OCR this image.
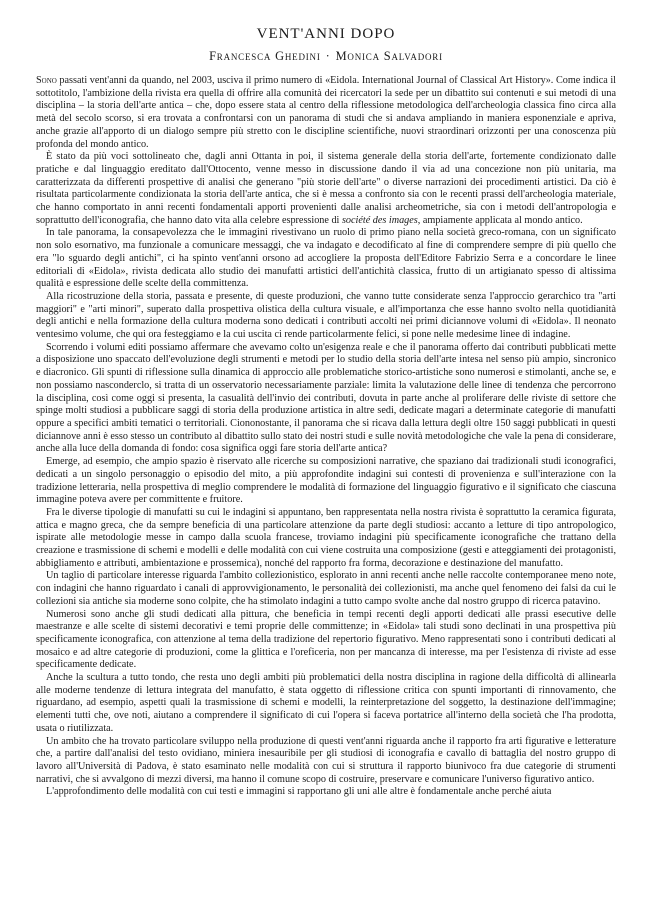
VENT'ANNI DOPO
Francesca Ghedini · Monica Salvadori

Sono passati vent'anni da quando, nel 2003, usciva il primo numero di «Eidola. International Journal of Classical Art History». Come indica il sottotitolo, l'ambizione della rivista era quella di offrire alla comunità dei ricercatori la sede per un dibattito sui contenuti e sui metodi di una disciplina – la storia dell'arte antica – che, dopo essere stata al centro della riflessione metodologica dell'archeologia classica fino circa alla metà del secolo scorso, si era trovata a confrontarsi con un panorama di studi che si andava ampliando in maniera esponenziale e apriva, anche grazie all'apporto di un dialogo sempre più stretto con le discipline scientifiche, nuovi straordinari orizzonti per una conoscenza più profonda del mondo antico.

È stato da più voci sottolineato che, dagli anni Ottanta in poi, il sistema generale della storia dell'arte, fortemente condizionato dalle pratiche e dal linguaggio ereditato dall'Ottocento, venne messo in discussione dando il via ad una concezione non più unitaria, ma caratterizzata da differenti prospettive di analisi che generano "più storie dell'arte" o diverse narrazioni dei procedimenti artistici. Da ciò è risultata particolarmente condizionata la storia dell'arte antica, che si è messa a confronto sia con le recenti prassi dell'archeologia materiale, che hanno comportato in anni recenti fondamentali apporti provenienti dalle analisi archeometriche, sia con i metodi dell'antropologia e soprattutto dell'iconografia, che hanno dato vita alla celebre espressione di société des images, ampiamente applicata al mondo antico.

In tale panorama, la consapevolezza che le immagini rivestivano un ruolo di primo piano nella società greco-romana, con un significato non solo esornativo, ma funzionale a comunicare messaggi, che va indagato e decodificato al fine di comprendere sempre di più quello che era "lo sguardo degli antichi", ci ha spinto vent'anni orsono ad accogliere la proposta dell'Editore Fabrizio Serra e a concordare le linee editoriali di «Eidola», rivista dedicata allo studio dei manufatti artistici dell'antichità classica, frutto di un artigianato spesso di altissima qualità e espressione delle scelte della committenza.

Alla ricostruzione della storia, passata e presente, di queste produzioni, che vanno tutte considerate senza l'approccio gerarchico tra "arti maggiori" e "arti minori", superato dalla prospettiva olistica della cultura visuale, e all'importanza che esse hanno svolto nella quotidianità degli antichi e nella formazione della cultura moderna sono dedicati i contributi accolti nei primi diciannove volumi di «Eidola». Il neonato ventesimo volume, che qui ora festeggiamo e la cui uscita ci rende particolarmente felici, si pone nelle medesime linee di indagine.

Scorrendo i volumi editi possiamo affermare che avevamo colto un'esigenza reale e che il panorama offerto dai contributi pubblicati mette a disposizione uno spaccato dell'evoluzione degli strumenti e metodi per lo studio della storia dell'arte intesa nel senso più ampio, sincronico e diacronico. Gli spunti di riflessione sulla dinamica di approccio alle problematiche storico-artistiche sono numerosi e stimolanti, anche se, e non possiamo nasconderclo, si tratta di un osservatorio necessariamente parziale: limita la valutazione delle linee di tendenza che percorrono la disciplina, così come oggi si presenta, la casualità dell'invio dei contributi, dovuta in parte anche al proliferare delle riviste di settore che spinge molti studiosi a pubblicare saggi di storia della produzione artistica in altre sedi, dedicate magari a determinate categorie di manufatti oppure a specifici ambiti tematici o territoriali. Ciononostante, il panorama che si ricava dalla lettura degli oltre 150 saggi pubblicati in questi diciannove anni è esso stesso un contributo al dibattito sullo stato dei nostri studi e sulle novità metodologiche che vale la pena di considerare, anche alla luce della domanda di fondo: cosa significa oggi fare storia dell'arte antica?

Emerge, ad esempio, che ampio spazio è riservato alle ricerche su composizioni narrative, che spaziano dai tradizionali studi iconografici, dedicati a un singolo personaggio o episodio del mito, a più approfondite indagini sui contesti di provenienza e sull'interazione con la tradizione letteraria, nella prospettiva di meglio comprendere le modalità di formazione del linguaggio figurativo e il significato che ciascuna immagine poteva avere per committente e fruitore.

Fra le diverse tipologie di manufatti su cui le indagini si appuntano, ben rappresentata nella nostra rivista è soprattutto la ceramica figurata, attica e magno greca, che da sempre beneficia di una particolare attenzione da parte degli studiosi: accanto a letture di tipo antropologico, ispirate alle metodologie messe in campo dalla scuola francese, troviamo indagini più specificamente iconografiche che trattano della creazione e trasmissione di schemi e modelli e delle modalità con cui viene costruita una composizione (gesti e atteggiamenti dei protagonisti, abbigliamento e attributi, ambientazione e prossemica), nonché del rapporto fra forma, decorazione e destinazione del manufatto.

Un taglio di particolare interesse riguarda l'ambito collezionistico, esplorato in anni recenti anche nelle raccolte contemporanee meno note, con indagini che hanno riguardato i canali di approvvigionamento, le personalità dei collezionisti, ma anche quel fenomeno dei falsi da cui le collezioni sia antiche sia moderne sono colpite, che ha stimolato indagini a tutto campo svolte anche dal nostro gruppo di ricerca patavino.

Numerosi sono anche gli studi dedicati alla pittura, che beneficia in tempi recenti degli apporti dedicati alle prassi esecutive delle maestranze e alle scelte di sistemi decorativi e temi proprie delle committenze; in «Eidola» tali studi sono declinati in una prospettiva più specificamente iconografica, con attenzione al tema della tradizione del repertorio figurativo. Meno rappresentati sono i contributi dedicati al mosaico e ad altre categorie di produzioni, come la glittica e l'oreficeria, non per mancanza di interesse, ma per l'esistenza di riviste ad esse specificamente dedicate.

Anche la scultura a tutto tondo, che resta uno degli ambiti più problematici della nostra disciplina in ragione della difficoltà di allinearla alle moderne tendenze di lettura integrata del manufatto, è stata oggetto di riflessione critica con spunti importanti di rinnovamento, che riguardano, ad esempio, aspetti quali la trasmissione di schemi e modelli, la reinterpretazione del soggetto, la destinazione dell'immagine; elementi tutti che, ove noti, aiutano a comprendere il significato di cui l'opera si faceva portatrice all'interno della società che l'ha prodotta, usata o riutilizzata.

Un ambito che ha trovato particolare sviluppo nella produzione di questi vent'anni riguarda anche il rapporto fra arti figurative e letterature che, a partire dall'analisi del testo ovidiano, miniera inesauribile per gli studiosi di iconografia e cavallo di battaglia del nostro gruppo di lavoro all'Università di Padova, è stato esaminato nelle modalità con cui si struttura il rapporto biunivoco fra due categorie di strumenti narrativi, che si avvalgono di mezzi diversi, ma hanno il comune scopo di costruire, preservare e comunicare l'universo figurativo antico.

L'approfondimento delle modalità con cui testi e immagini si rapportano gli uni alle altre è fondamentale anche perché aiuta
